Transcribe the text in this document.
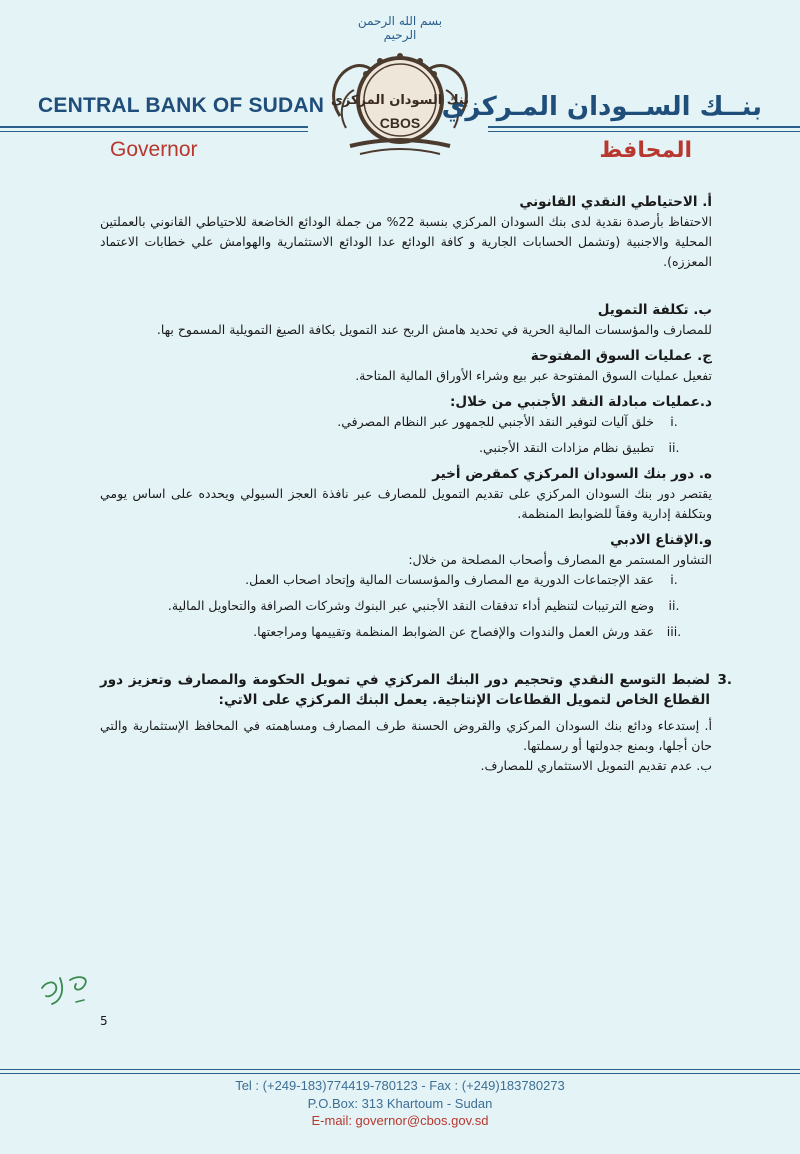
بسم الله الرحمن الرحيم
بنك السودان المركزي
CBOS
CENTRAL BANK OF SUDAN
Governor
بنــك الســودان المـركزي
المحافظ
أ. الاحتياطي النقدي القانوني
الاحتفاظ بأرصدة نقدية لدى بنك السودان المركزي بنسبة 22% من جملة الودائع الخاضعة للاحتياطي القانوني بالعملتين المحلية والاجنبية (وتشمل الحسابات الجارية و كافة الودائع عدا الودائع الاستثمارية والهوامش علي خطابات الاعتماد المعززه).
ب. تكلفة التمويل
للمصارف والمؤسسات المالية الحرية في تحديد هامش الربح عند التمويل بكافة الصيغ التمويلية المسموح بها.
ج. عمليات السوق المفتوحة
تفعيل عمليات السوق المفتوحة عبر بيع وشراء الأوراق المالية المتاحة.
د.عمليات مبادلة النقد الأجنبي من خلال:
i.
خلق آليات لتوفير النقد الأجنبي للجمهور عبر النظام المصرفي.
ii.
تطبيق نظام مزادات النقد الأجنبي.
ه. دور بنك السودان المركزي كمقرض أخير
يقتصر دور بنك السودان المركزي على تقديم التمويل للمصارف عبر نافذة العجز السيولي ويحدده على اساس يومي وبتكلفة إدارية وفقاً للضوابط المنظمة.
و.الإقناع الادبي
التشاور المستمر مع المصارف وأصحاب المصلحة من خلال:
i.
عقد الإجتماعات الدورية مع المصارف والمؤسسات المالية وإتحاد اصحاب العمل.
ii.
وضع الترتيبات لتنظيم أداء تدفقات النقد الأجنبي عبر البنوك وشركات الصرافة والتحاويل المالية.
iii.
عقد ورش العمل والندوات والإفصاح عن الضوابط المنظمة وتقييمها ومراجعتها.
3.
لضبط التوسع النقدي وتحجيم دور البنك المركزي في تمويل الحكومة والمصارف وتعزيز دور القطاع الخاص لتمويل القطاعات الإنتاجية. يعمل البنك المركزي على الاتي:
أ. إستدعاء ودائع بنك السودان المركزي والقروض الحسنة طرف المصارف ومساهمته في المحافظ الإستثمارية والتي حان أجلها، وبمنع جدولتها أو رسملتها.
ب. عدم تقديم التمويل الاستثماري للمصارف.
5
Tel : (+249-183)774419-780123 - Fax : (+249)183780273
P.O.Box: 313 Khartoum - Sudan
E-mail: governor@cbos.gov.sd
